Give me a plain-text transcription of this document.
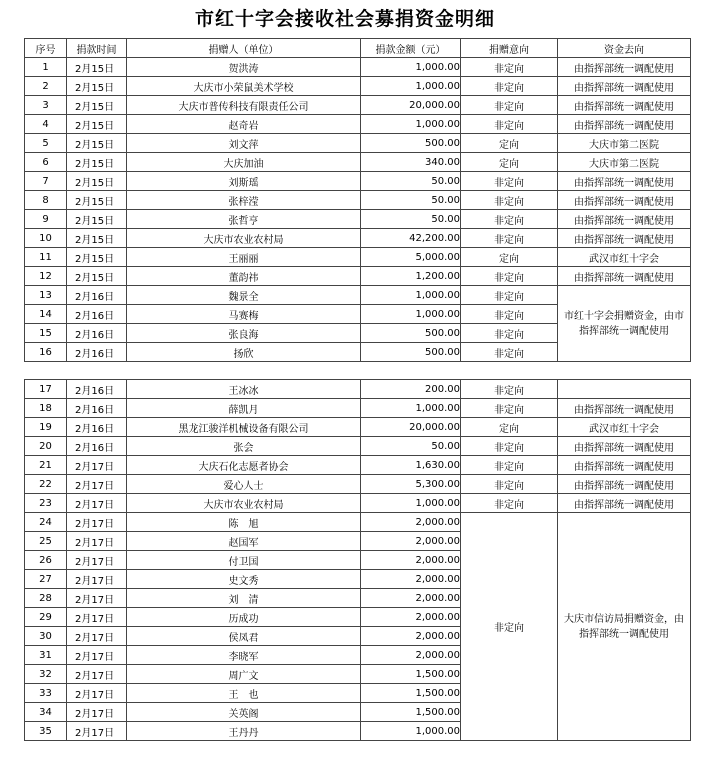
市红十字会接收社会募捐资金明细
序号	捐款时间	捐赠人（单位）	捐款金额（元）	捐赠意向	资金去向
1	2月15日	贺洪涛	1,000.00	非定向	由指挥部统一调配使用
2	2月15日	大庆市小荣鼠美术学校	1,000.00	非定向	由指挥部统一调配使用
3	2月15日	大庆市普传科技有限责任公司	20,000.00	非定向	由指挥部统一调配使用
4	2月15日	赵奇岩	1,000.00	非定向	由指挥部统一调配使用
5	2月15日	刘文萍	500.00	定向	大庆市第二医院
6	2月15日	大庆加油	340.00	定向	大庆市第二医院
7	2月15日	刘斯瑶	50.00	非定向	由指挥部统一调配使用
8	2月15日	张梓滢	50.00	非定向	由指挥部统一调配使用
9	2月15日	张哲亨	50.00	非定向	由指挥部统一调配使用
10	2月15日	大庆市农业农村局	42,200.00	非定向	由指挥部统一调配使用
11	2月15日	王丽丽	5,000.00	定向	武汉市红十字会
12	2月15日	董韵祎	1,200.00	非定向	由指挥部统一调配使用
13	2月16日	魏景全	1,000.00	非定向	市红十字会捐赠资金，由市指挥部统一调配使用
14	2月16日	马赛梅	1,000.00	非定向	
15	2月16日	张良海	500.00	非定向	
16	2月16日	扬欣	500.00	非定向	
17	2月16日	王冰冰	200.00	非定向	
18	2月16日	薛凯月	1,000.00	非定向	由指挥部统一调配使用
19	2月16日	黑龙江骏洋机械设备有限公司	20,000.00	定向	武汉市红十字会
20	2月16日	张会	50.00	非定向	由指挥部统一调配使用
21	2月17日	大庆石化志愿者协会	1,630.00	非定向	由指挥部统一调配使用
22	2月17日	爱心人士	5,300.00	非定向	由指挥部统一调配使用
23	2月17日	大庆市农业农村局	1,000.00	非定向	由指挥部统一调配使用
24	2月17日	陈　旭	2,000.00	非定向	大庆市信访局捐赠资金，由指挥部统一调配使用
25	2月17日	赵国军	2,000.00		
26	2月17日	付卫国	2,000.00		
27	2月17日	史文秀	2,000.00		
28	2月17日	刘　清	2,000.00		
29	2月17日	历成功	2,000.00		
30	2月17日	侯凤君	2,000.00		
31	2月17日	李晓军	2,000.00		
32	2月17日	周广文	1,500.00		
33	2月17日	王　也	1,500.00		
34	2月17日	关英阁	1,500.00		
35	2月17日	王丹丹	1,000.00		
